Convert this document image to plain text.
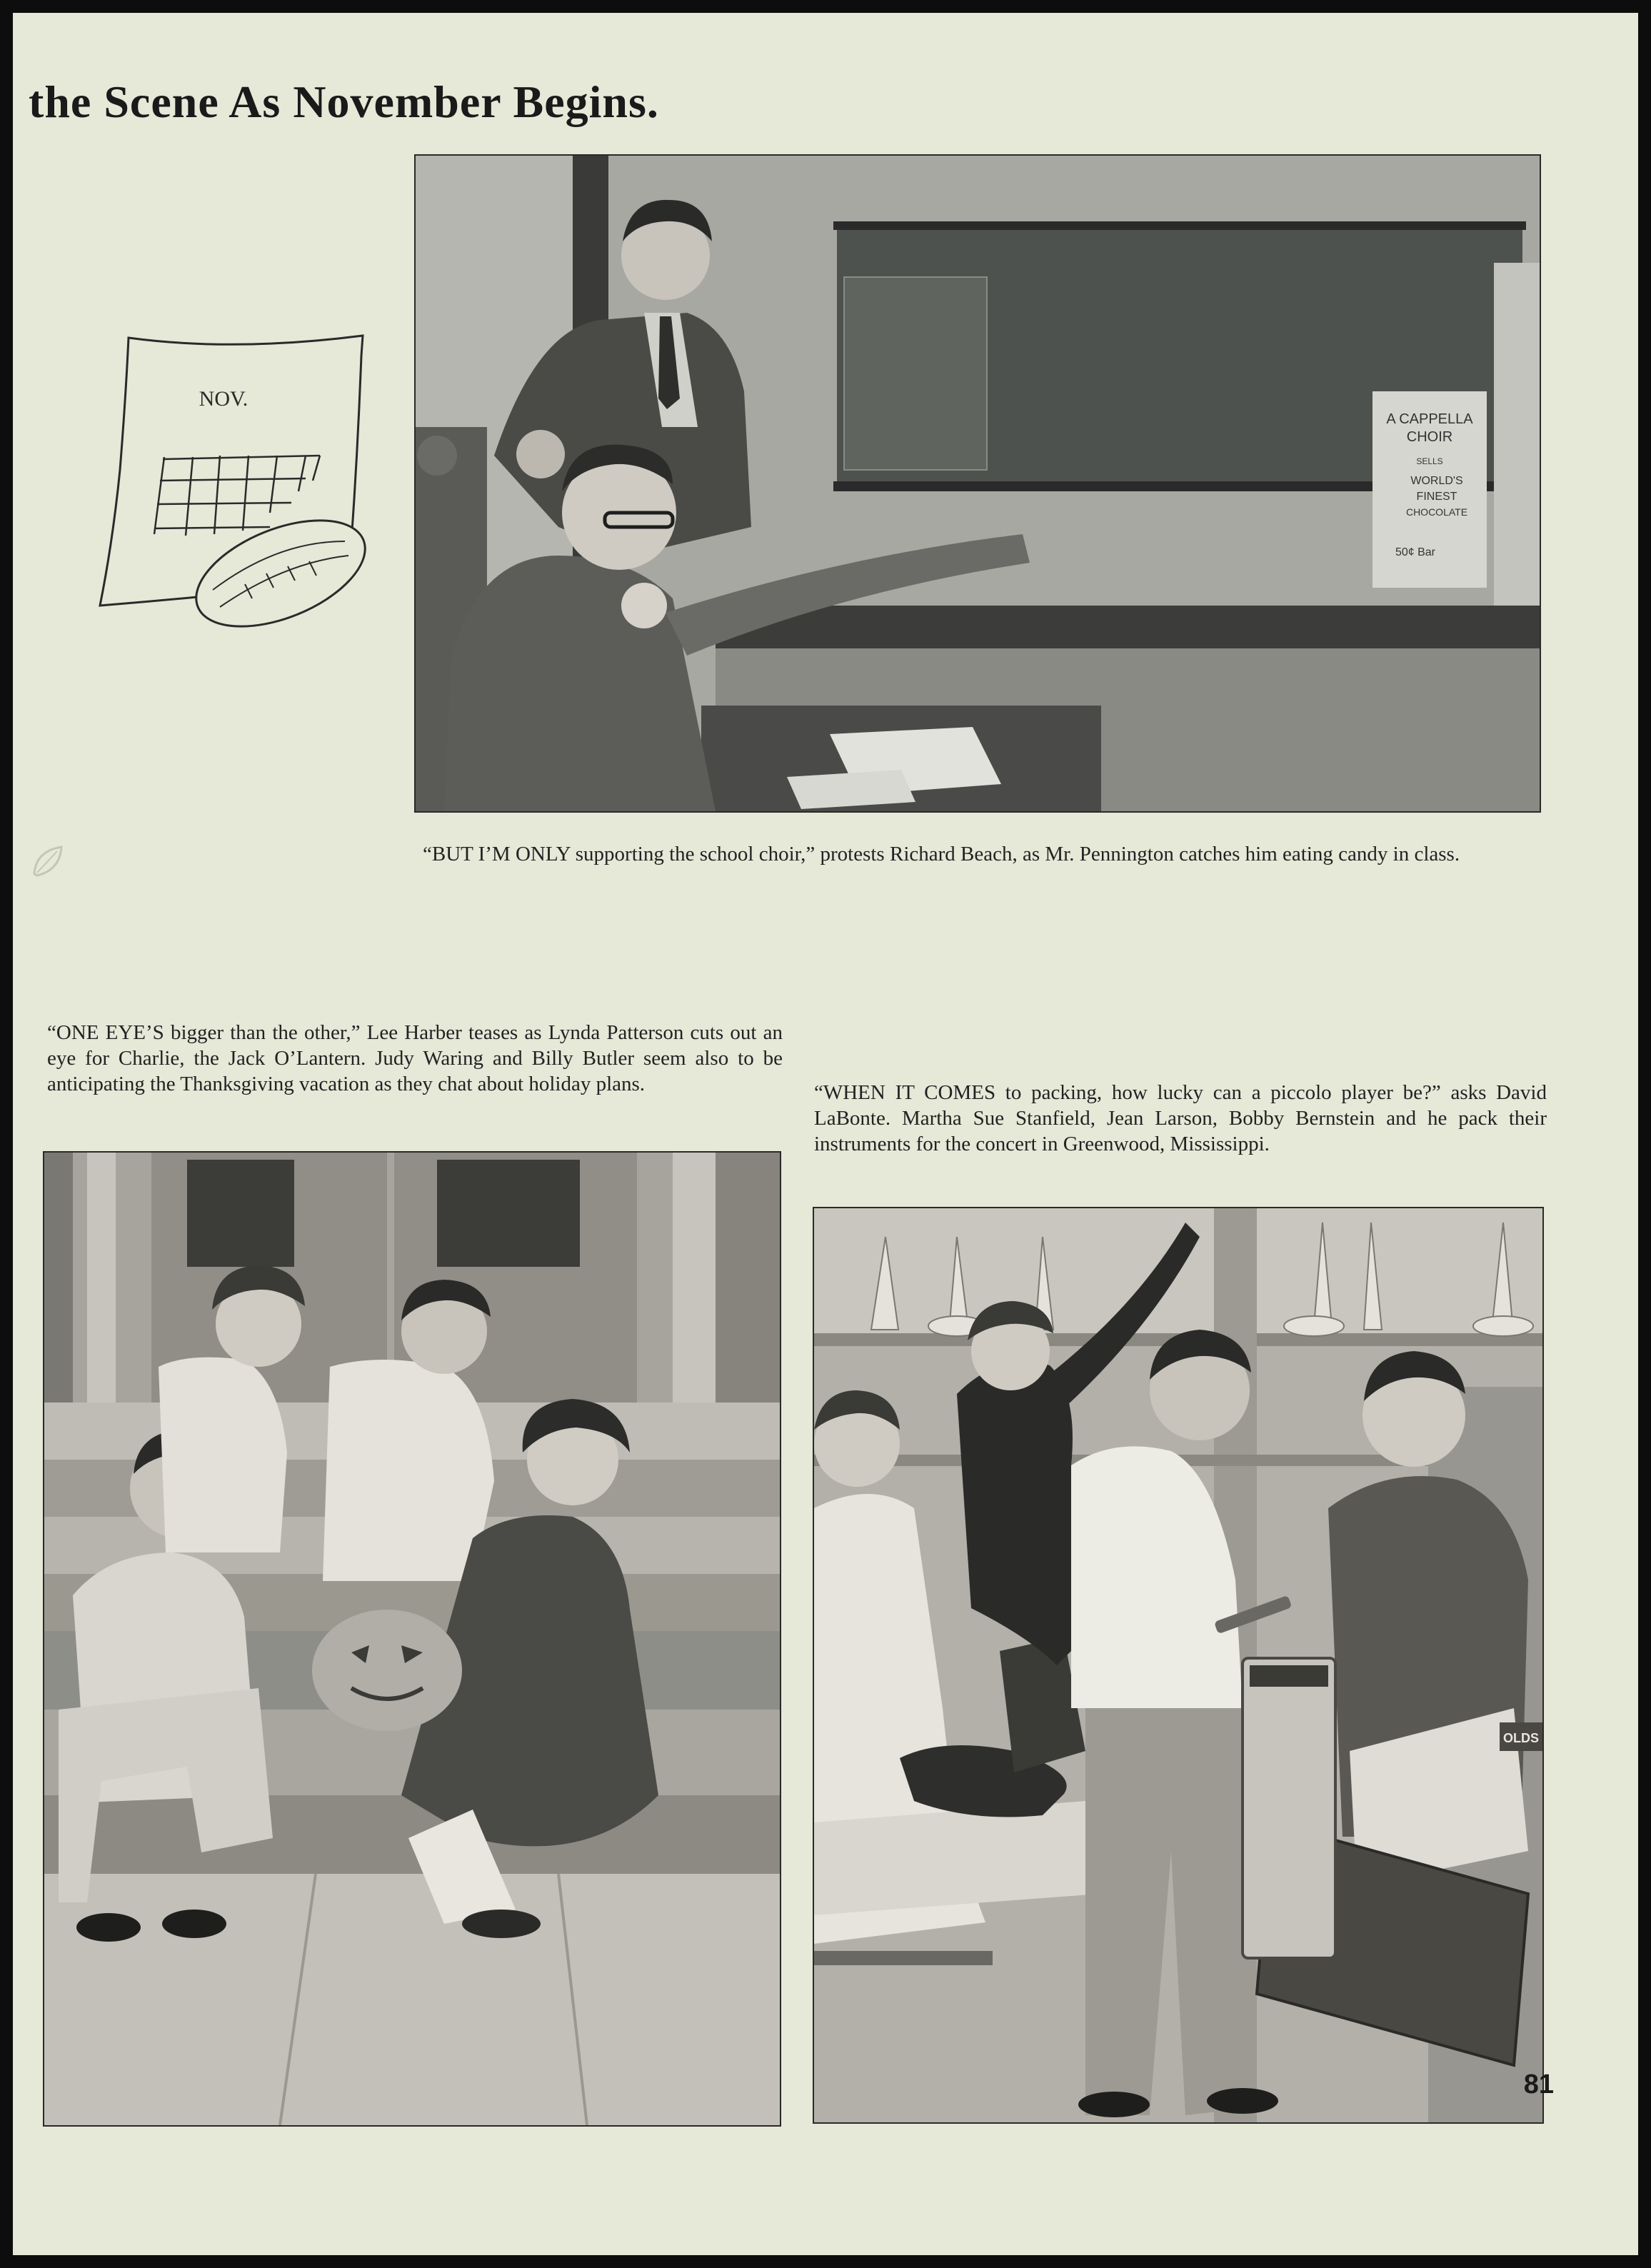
the Scene As November Begins.
NOV.
A CAPPELLA
CHOIR
SELLS
WORLD'S
FINEST
CHOCOLATE
50¢ Bar

“BUT I’M ONLY supporting the school choir,” protests Richard Beach, as Mr. Pennington catches him eating candy in class.

“ONE EYE’S bigger than the other,” Lee Harber teases as Lynda Patterson cuts out an eye for Charlie, the Jack O’Lantern. Judy Waring and Billy Butler seem also to be anticipating the Thanksgiving vacation as they chat about holiday plans.	“WHEN IT COMES to packing, how lucky can a piccolo player be?” asks David LaBonte. Martha Sue Stanfield, Jean Larson, Bobby Bernstein and he pack their instruments for the concert in Greenwood, Mississippi.

OLDS
81
